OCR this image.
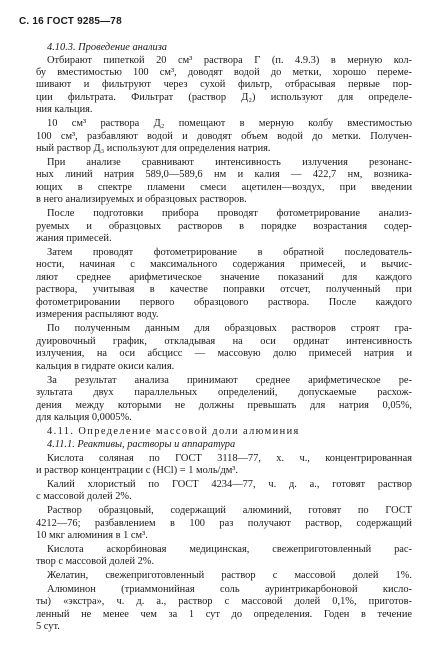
С. 16 ГОСТ 9285—78

4.10.3. Проведение анализа

Отбирают пипеткой 20 см³ раствора Г (п. 4.9.3) в мерную кол-

бу вместимостью 100 см³, доводят водой до метки, хорошо переме-

шивают и фильтруют через сухой фильтр, отбрасывая первые пор-

ции фильтрата. Фильтрат (раствор Д₂) используют для определе-

ния кальция.

10 см³ раствора Д₂ помещают в мерную колбу вместимостью

100 см³, разбавляют водой и доводят объем водой до метки. Получен-

ный раствор Д₃ используют для определения натрия.

При анализе сравнивают интенсивность излучения резонанс-

ных линий натрия 589,0—589,6 нм и калия — 422,7 нм, возника-

ющих в спектре пламени смеси ацетилен—воздух, при введении

в него анализируемых и образцовых растворов.

После подготовки прибора проводят фотометрирование анализ-

руемых и образцовых растворов в порядке возрастания содер-

жания примесей.

Затем проводят фотометрирование в обратной последователь-

ности, начиная с максимального содержания примесей, и вычис-

ляют среднее арифметическое значение показаний для каждого

раствора, учитывая в качестве поправки отсчет, полученный при

фотометрировании первого образцового раствора. После каждого

измерения распыляют воду.

По полученным данным для образцовых растворов строят гра-

дуировочный график, откладывая на оси ординат интенсивность

излучения, на оси абсцисс — массовую долю примесей натрия и

кальция в гидрате окиси калия.

За результат анализа принимают среднее арифметическое ре-

зультата двух параллельных определений, допускаемые расхож-

дения между которыми не должны превышать для натрия 0,05%,

для кальция 0,0005%.

4.11. Определение массовой доли алюминия

4.11.1. Реактивы, растворы и аппаратура

Кислота соляная по ГОСТ 3118—77, х. ч., концентрированная

и раствор концентрации с (HCl) = 1 моль/дм³.

Калий хлористый по ГОСТ 4234—77, ч. д. а., готовят раствор

с массовой долей 2%.

Раствор образцовый, содержащий алюминий, готовят по ГОСТ

4212—76; разбавлением в 100 раз получают раствор, содержащий

10 мкг алюминия в 1 см³.

Кислота аскорбиновая медицинская, свежеприготовленный рас-

твор с массовой долей 2%.

Желатин, свежеприготовленный раствор с массовой долей 1%.

Алюминон (триаммонийная соль ауринтрикарбоновой кисло-

ты) «экстра», ч. д. а., раствор с массовой долей 0,1%, приготов-

ленный не менее чем за 1 сут до определения. Годен в течение

5 сут.
